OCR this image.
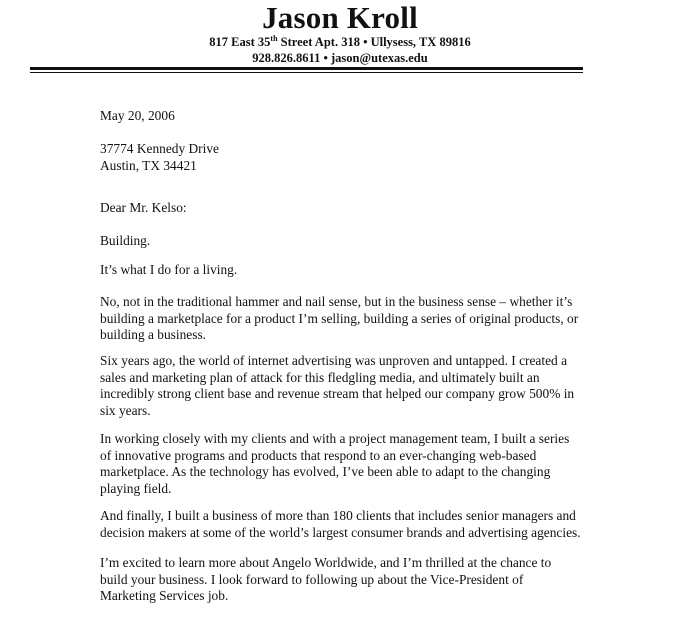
Jason Kroll
817 East 35th Street Apt. 318 • Ullysess, TX 89816
928.826.8611 • jason@utexas.edu

May 20, 2006

37774 Kennedy Drive
Austin, TX 34421

Dear Mr. Kelso:

Building.

It’s what I do for a living.

No, not in the traditional hammer and nail sense, but in the business sense – whether it’s
building a marketplace for a product I’m selling, building a series of original products, or
building a business.

Six years ago, the world of internet advertising was unproven and untapped. I created a
sales and marketing plan of attack for this fledgling media, and ultimately built an
incredibly strong client base and revenue stream that helped our company grow 500% in
six years.

In working closely with my clients and with a project management team, I built a series
of innovative programs and products that respond to an ever-changing web-based
marketplace. As the technology has evolved, I’ve been able to adapt to the changing
playing field.

And finally, I built a business of more than 180 clients that includes senior managers and
decision makers at some of the world’s largest consumer brands and advertising agencies.

I’m excited to learn more about Angelo Worldwide, and I’m thrilled at the chance to
build your business. I look forward to following up about the Vice-President of
Marketing Services job.
